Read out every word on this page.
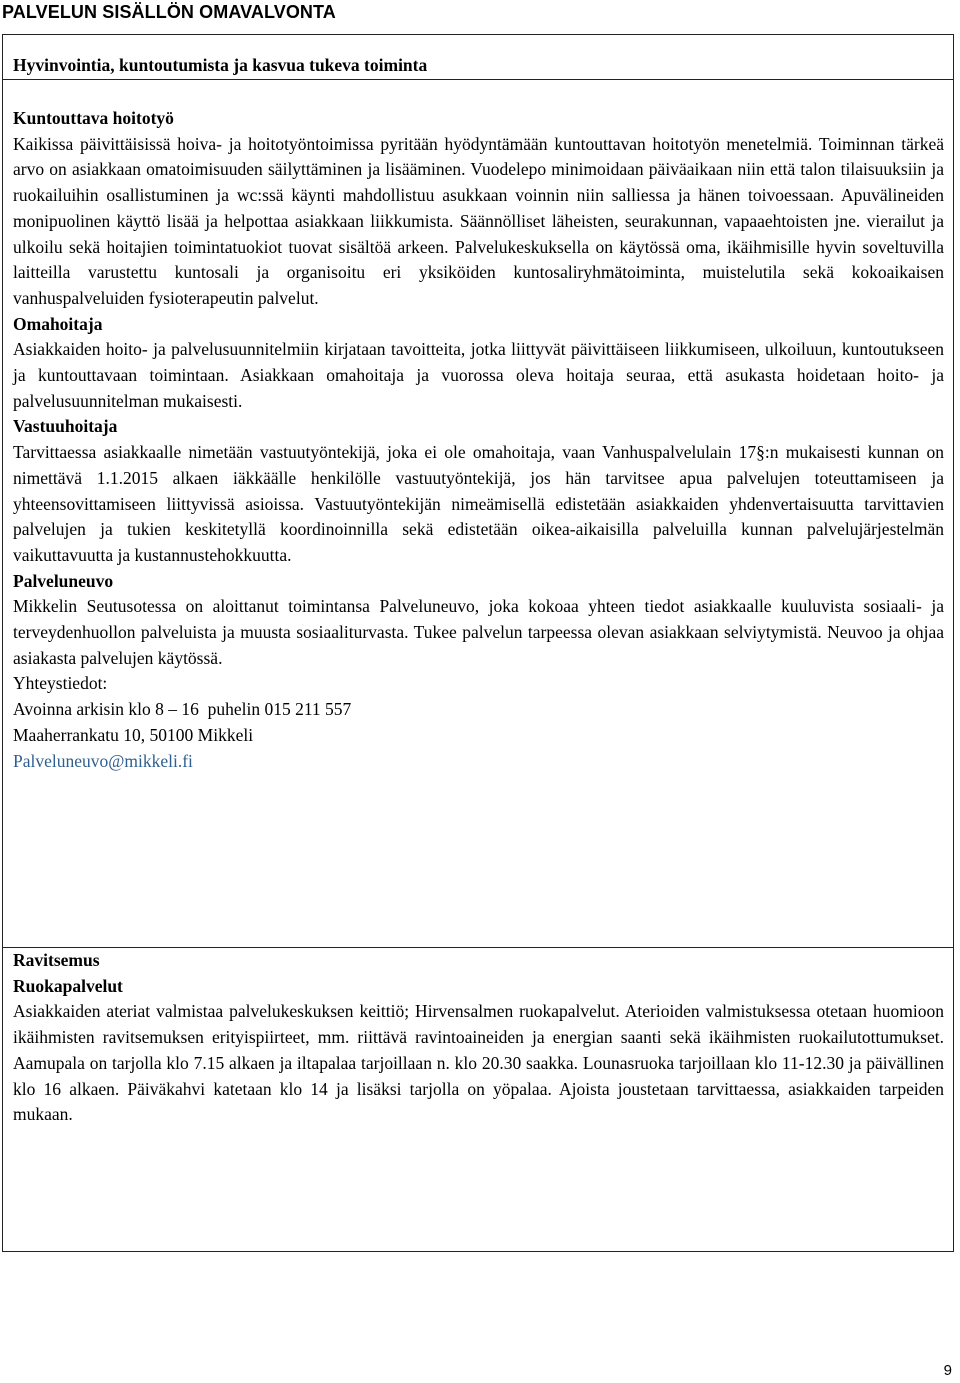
PALVELUN SISÄLLÖN OMAVALVONTA
Hyvinvointia, kuntoutumista ja kasvua tukeva toiminta

Kuntouttava hoitotyö
Kaikissa päivittäisissä hoiva- ja hoitotyöntoimissa pyritään hyödyntämään kuntouttavan hoitotyön menetelmiä. Toiminnan tärkeä arvo on asiakkaan omatoimisuuden säilyttäminen ja lisääminen. Vuodelepo minimoidaan päiväaikaan niin että talon tilaisuuksiin ja ruokailuihin osallistuminen ja wc:ssä käynti mahdollistuu asukkaan voinnin niin salliessa ja hänen toivoessaan. Apuvälineiden monipuolinen käyttö lisää ja helpottaa asiakkaan liikkumista. Säännölliset läheisten, seurakunnan, vapaaehtoisten jne. vierailut ja ulkoilu sekä hoitajien toimintatuokiot tuovat sisältöä arkeen. Palvelukeskuksella on käytössä oma, ikäihmisille hyvin soveltuvilla laitteilla varustettu kuntosali ja organisoitu eri yksiköiden kuntosaliryhmätoiminta, muistelutila sekä kokoaikaisen vanhuspalveluiden fysioterapeutin palvelut.

Omahoitaja
Asiakkaiden hoito- ja palvelusuunnitelmiin kirjataan tavoitteita, jotka liittyvät päivittäiseen liikkumiseen, ulkoiluun, kuntoutukseen ja kuntouttavaan toimintaan. Asiakkaan omahoitaja ja vuorossa oleva hoitaja seuraa, että asukasta hoidetaan hoito- ja palvelusuunnitelman mukaisesti.

Vastuuhoitaja
Tarvittaessa asiakkaalle nimetään vastuutyöntekijä, joka ei ole omahoitaja, vaan Vanhuspalvelulain 17§:n mukaisesti kunnan on nimettävä 1.1.2015 alkaen iäkkäälle henkilölle vastuutyöntekijä, jos hän tarvitsee apua palvelujen toteuttamiseen ja yhteensovittamiseen liittyvissä asioissa. Vastuutyöntekijän nimeämisellä edistetään asiakkaiden yhdenvertaisuutta tarvittavien palvelujen ja tukien keskitetyllä koordinoinnilla sekä edistetään oikea-aikaisilla palveluilla kunnan palvelujärjestelmän vaikuttavuutta ja kustannustehokkuutta.

Palveluneuvo
Mikkelin Seutusotessa on aloittanut toimintansa Palveluneuvo, joka kokoaa yhteen tiedot asiakkaalle kuuluvista sosiaali- ja terveydenhuollon palveluista ja muusta sosiaaliturvasta. Tukee palvelun tarpeessa olevan asiakkaan selviytymistä. Neuvoo ja ohjaa asiakasta palvelujen käytössä.

Yhteystiedot:
Avoinna arkisin klo 8 – 16  puhelin 015 211 557
Maaherrankatu 10, 50100 Mikkeli
Palveluneuvo@mikkeli.fi

Ravitsemus

Ruokapalvelut
Asiakkaiden ateriat valmistaa palvelukeskuksen keittiö; Hirvensalmen ruokapalvelut. Aterioiden valmistuksessa otetaan huomioon ikäihmisten ravitsemuksen erityispiirteet, mm. riittävä ravintoaineiden ja energian saanti sekä ikäihmisten ruokailutottumukset. Aamupala on tarjolla klo 7.15 alkaen ja iltapalaa tarjoillaan n. klo 20.30 saakka. Lounasruoka tarjoillaan klo 11-12.30 ja päivällinen klo 16 alkaen. Päiväkahvi katetaan klo 14 ja lisäksi tarjolla on yöpalaa. Ajoista joustetaan tarvittaessa, asiakkaiden tarpeiden mukaan.

9
